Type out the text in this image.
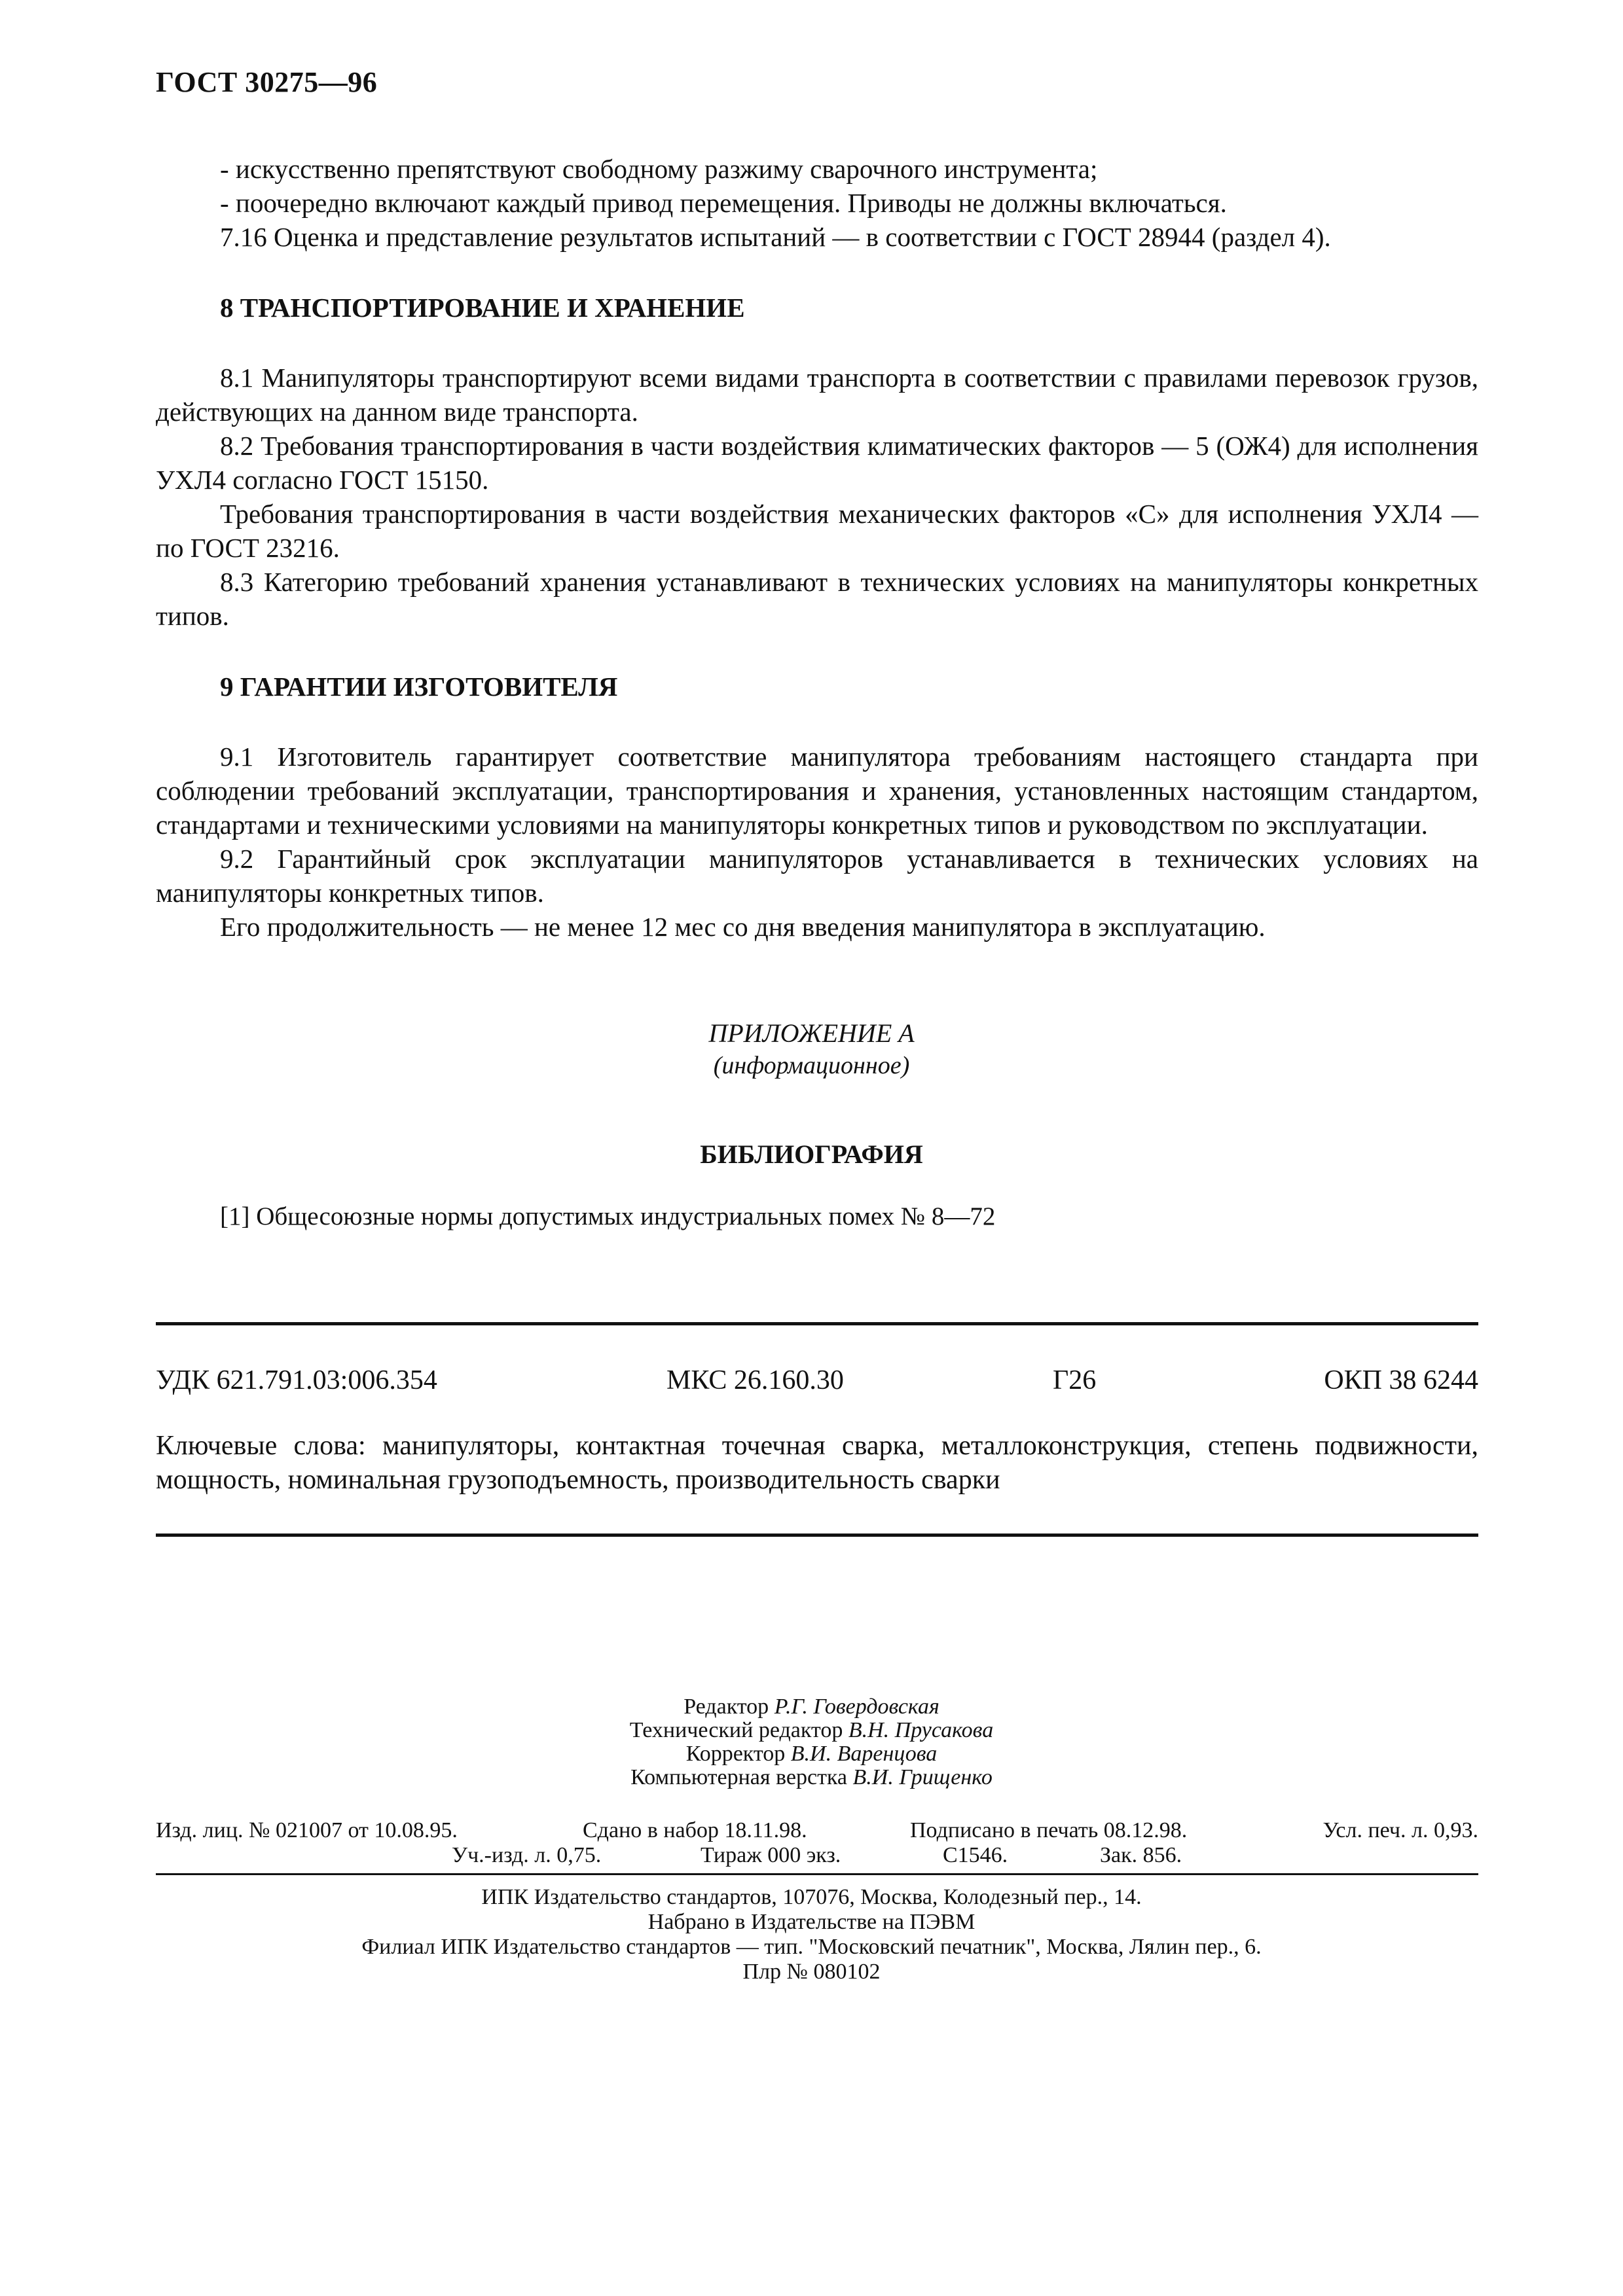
ГОСТ 30275—96

- искусственно препятствуют свободному разжиму сварочного инструмента;

- поочередно включают каждый привод перемещения. Приводы не должны включаться.

7.16 Оценка и представление результатов испытаний — в соответствии с ГОСТ 28944 (раздел 4).

8 ТРАНСПОРТИРОВАНИЕ И ХРАНЕНИЕ

8.1 Манипуляторы транспортируют всеми видами транспорта в соответствии с правилами перевозок грузов, действующих на данном виде транспорта.

8.2 Требования транспортирования в части воздействия климатических факторов — 5 (ОЖ4) для исполнения УХЛ4 согласно ГОСТ 15150.

Требования транспортирования в части воздействия механических факторов «С» для исполнения УХЛ4 — по ГОСТ 23216.

8.3 Категорию требований хранения устанавливают в технических условиях на манипуляторы конкретных типов.

9 ГАРАНТИИ ИЗГОТОВИТЕЛЯ

9.1 Изготовитель гарантирует соответствие манипулятора требованиям настоящего стандарта при соблюдении требований эксплуатации, транспортирования и хранения, установленных настоящим стандартом, стандартами и техническими условиями на манипуляторы конкретных типов и руководством по эксплуатации.

9.2 Гарантийный срок эксплуатации манипуляторов устанавливается в технических условиях на манипуляторы конкретных типов.

Его продолжительность — не менее 12 мес со дня введения манипулятора в эксплуатацию.

ПРИЛОЖЕНИЕ А
(информационное)
БИБЛИОГРАФИЯ
[1] Общесоюзные нормы допустимых индустриальных помех № 8—72
УДК 621.791.03:006.354	МКС 26.160.30	Г26	ОКП 38 6244
Ключевые слова: манипуляторы, контактная точечная сварка, металлоконструкция, степень подвижности, мощность, номинальная грузоподъемность, производительность сварки
Редактор Р.Г. Говердовская
Технический редактор В.Н. Прусакова
Корректор В.И. Варенцова
Компьютерная верстка В.И. Грищенко
Изд. лиц. № 021007 от 10.08.95.	Сдано в набор 18.11.98.	Подписано в печать 08.12.98.	Усл. печ. л. 0,93.
Уч.-изд. л. 0,75.	Тираж 000 экз.	С1546.	Зак. 856.
ИПК Издательство стандартов, 107076, Москва, Колодезный пер., 14.
Набрано в Издательстве на ПЭВМ
Филиал ИПК Издательство стандартов — тип. "Московский печатник", Москва, Лялин пер., 6.
Плр № 080102
